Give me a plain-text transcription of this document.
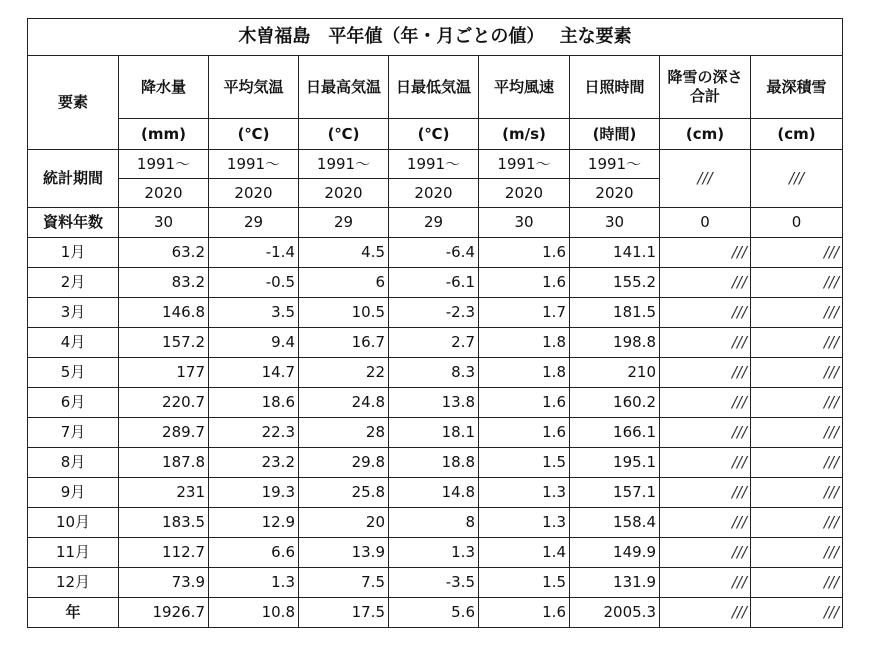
木曽福島　平年値（年・月ごとの値）　 主な要素								
要素	降水量	平均気温	日最高気温	日最低気温	平均風速	日照時間	降雪の深さ合計	最深積雪
	(mm)	(℃)	(℃)	(℃)	(m/s)	(時間)	(cm)	(cm)
統計期間	1991～	1991～	1991～	1991～	1991～	1991～	///	///
	2020	2020	2020	2020	2020	2020		
資料年数	30	29	29	29	30	30	0	0
1月	63.2	-1.4	4.5	-6.4	1.6	141.1	///	///
2月	83.2	-0.5	6	-6.1	1.6	155.2	///	///
3月	146.8	3.5	10.5	-2.3	1.7	181.5	///	///
4月	157.2	9.4	16.7	2.7	1.8	198.8	///	///
5月	177	14.7	22	8.3	1.8	210	///	///
6月	220.7	18.6	24.8	13.8	1.6	160.2	///	///
7月	289.7	22.3	28	18.1	1.6	166.1	///	///
8月	187.8	23.2	29.8	18.8	1.5	195.1	///	///
9月	231	19.3	25.8	14.8	1.3	157.1	///	///
10月	183.5	12.9	20	8	1.3	158.4	///	///
11月	112.7	6.6	13.9	1.3	1.4	149.9	///	///
12月	73.9	1.3	7.5	-3.5	1.5	131.9	///	///
年	1926.7	10.8	17.5	5.6	1.6	2005.3	///	///
